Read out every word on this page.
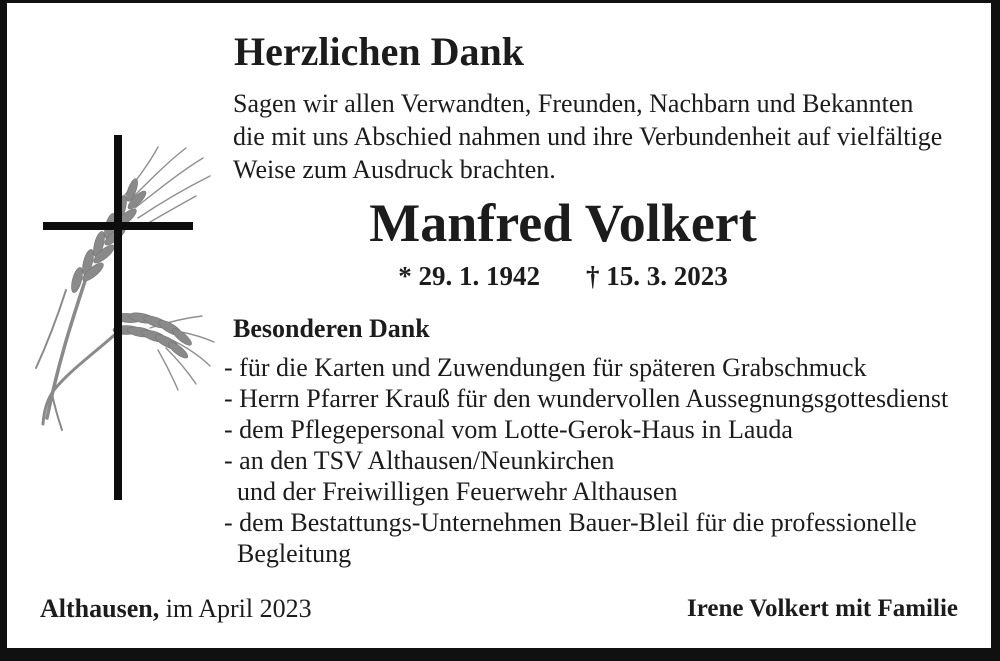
Herzlichen Dank
Sagen wir allen Verwandten, Freunden, Nachbarn und Bekannten
die mit uns Abschied nahmen und ihre Verbundenheit auf vielfältige
Weise zum Ausdruck brachten.
Manfred Volkert
* 29. 1. 1942 † 15. 3. 2023
Besonderen Dank
- für die Karten und Zuwendungen für späteren Grabschmuck
- Herrn Pfarrer Krauß für den wundervollen Aussegnungsgottesdienst
- dem Pflegepersonal vom Lotte-Gerok-Haus in Lauda
- an den TSV Althausen/Neunkirchen
und der Freiwilligen Feuerwehr Althausen
- dem Bestattungs-Unternehmen Bauer-Bleil für die professionelle
Begleitung
Althausen, im April 2023	Irene Volkert mit Familie
